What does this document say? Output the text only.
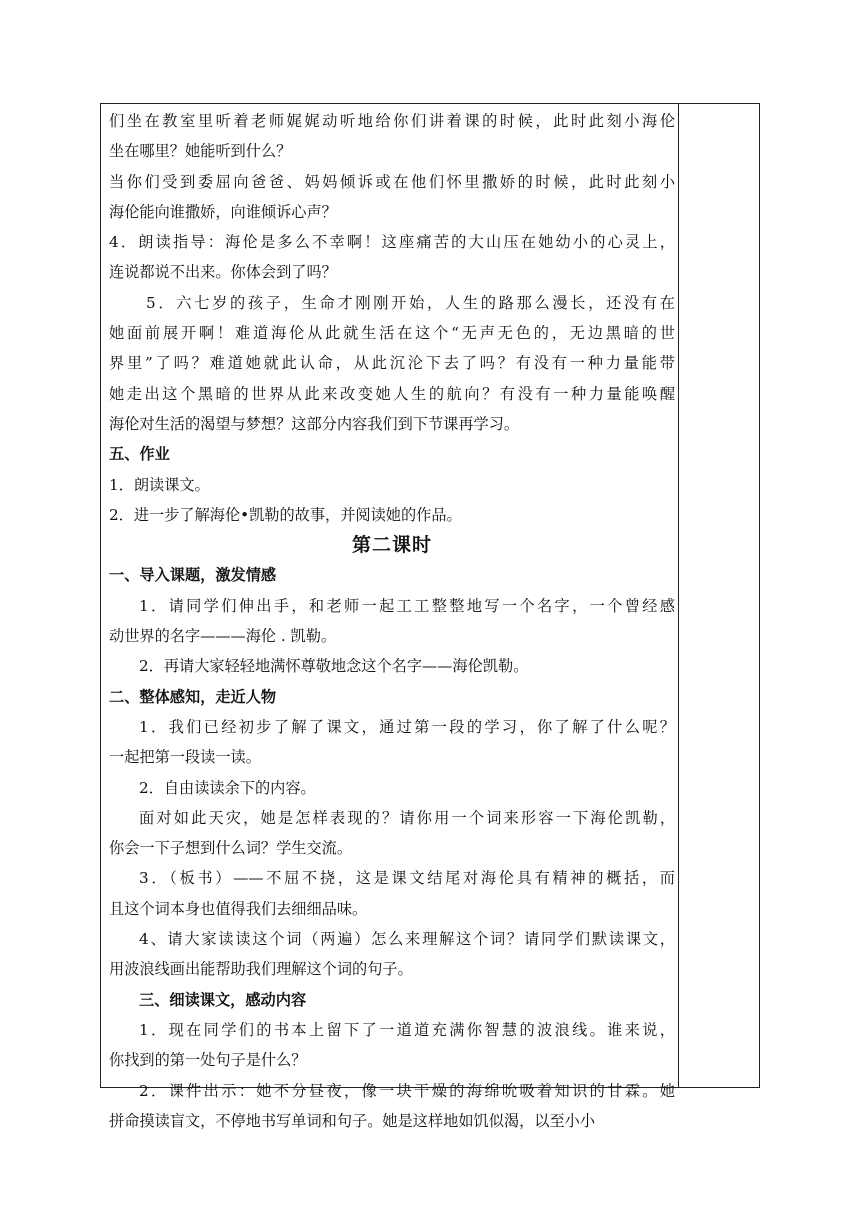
们坐在教室里听着老师娓娓动听地给你们讲着课的时候，此时此刻小海伦
坐在哪里？她能听到什么？
当你们受到委屈向爸爸、妈妈倾诉或在他们怀里撒娇的时候，此时此刻小
海伦能向谁撒娇，向谁倾诉心声？
4．朗读指导：海伦是多么不幸啊！这座痛苦的大山压在她幼小的心灵上，
连说都说不出来。你体会到了吗？
5．六七岁的孩子，生命才刚刚开始，人生的路那么漫长，还没有在
她面前展开啊！难道海伦从此就生活在这个“无声无色的，无边黑暗的世
界里”了吗？难道她就此认命，从此沉沦下去了吗？有没有一种力量能带
她走出这个黑暗的世界从此来改变她人生的航向？有没有一种力量能唤醒
海伦对生活的渴望与梦想？这部分内容我们到下节课再学习。
五、作业
1．朗读课文。
2．进一步了解海伦•凯勒的故事，并阅读她的作品。
第二课时
一、导入课题，激发情感
1．请同学们伸出手，和老师一起工工整整地写一个名字，一个曾经感
动世界的名字———海伦 . 凯勒。
2．再请大家轻轻地满怀尊敬地念这个名字——海伦凯勒。
二、整体感知，走近人物
1．我们已经初步了解了课文，通过第一段的学习，你了解了什么呢？
一起把第一段读一读。
2．自由读读余下的内容。
面对如此天灾，她是怎样表现的？请你用一个词来形容一下海伦凯勒，
你会一下子想到什么词？学生交流。
3．（板书）——不屈不挠，这是课文结尾对海伦具有精神的概括，而
且这个词本身也值得我们去细细品味。
4、请大家读读这个词（两遍）怎么来理解这个词？请同学们默读课文，
用波浪线画出能帮助我们理解这个词的句子。
三、细读课文，感动内容
1．现在同学们的书本上留下了一道道充满你智慧的波浪线。谁来说，
你找到的第一处句子是什么？
2．课件出示：她不分昼夜，像一块干燥的海绵吮吸着知识的甘霖。她
拼命摸读盲文，不停地书写单词和句子。她是这样地如饥似渴，以至小小
